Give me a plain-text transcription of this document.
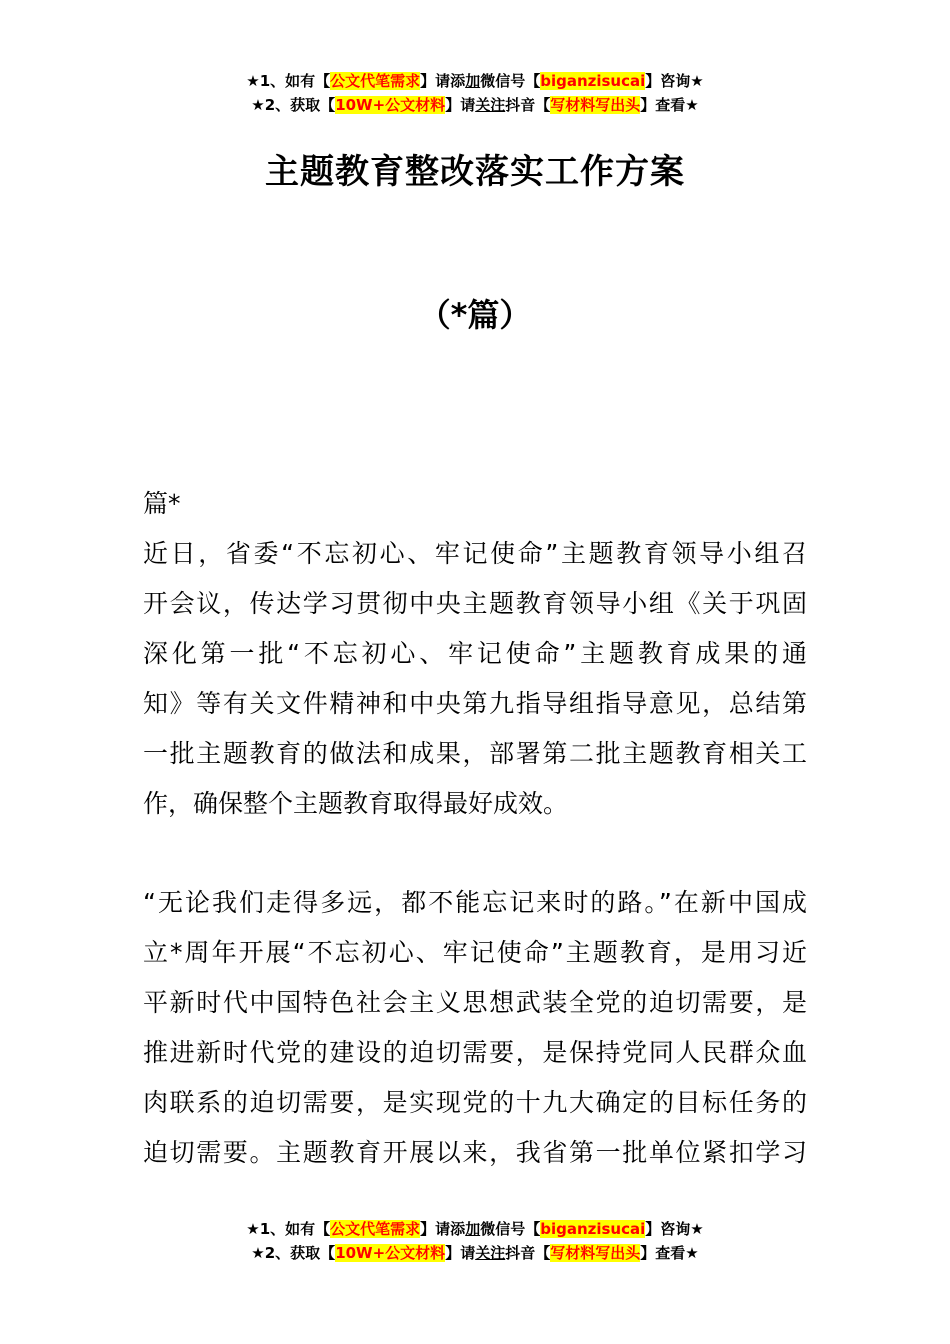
★1、如有【公文代笔需求】请添加微信号【biganzisucai】咨询★
★2、获取【10W+公文材料】请关注抖音【写材料写出头】查看★
主题教育整改落实工作方案
（*篇）
篇*
近日，省委“不忘初心、牢记使命”主题教育领导小组召
开会议，传达学习贯彻中央主题教育领导小组《关于巩固
深化第一批“不忘初心、牢记使命”主题教育成果的通
知》等有关文件精神和中央第九指导组指导意见，总结第
一批主题教育的做法和成果，部署第二批主题教育相关工
作，确保整个主题教育取得最好成效。
“无论我们走得多远，都不能忘记来时的路。”在新中国成
立*周年开展“不忘初心、牢记使命”主题教育，是用习近
平新时代中国特色社会主义思想武装全党的迫切需要，是
推进新时代党的建设的迫切需要，是保持党同人民群众血
肉联系的迫切需要，是实现党的十九大确定的目标任务的
迫切需要。主题教育开展以来，我省第一批单位紧扣学习
★1、如有【公文代笔需求】请添加微信号【biganzisucai】咨询★
★2、获取【10W+公文材料】请关注抖音【写材料写出头】查看★
